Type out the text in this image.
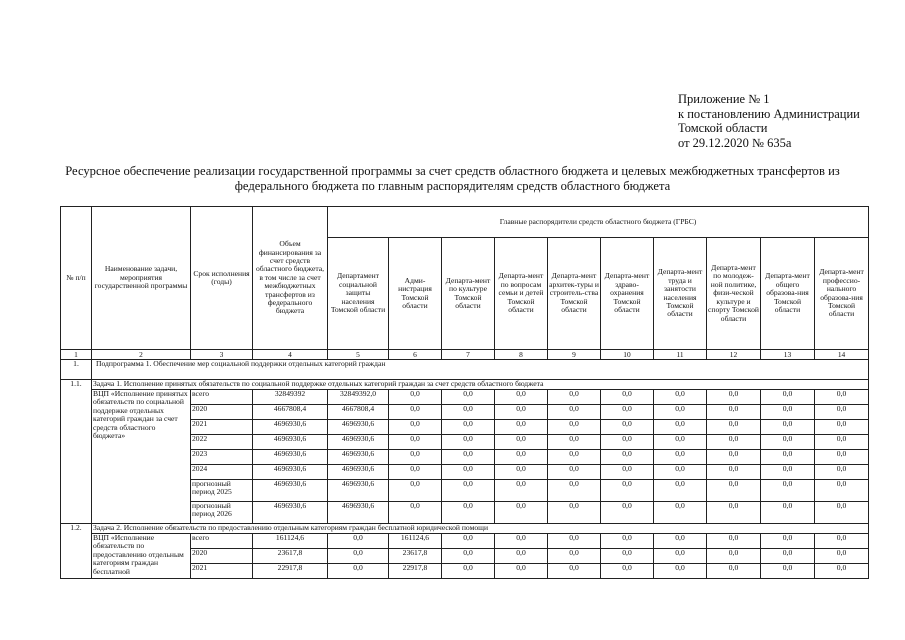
Приложение № 1
к постановлению Администрации
Томской области
от 29.12.2020 № 635а
Ресурсное обеспечение реализации государственной программы за счет средств областного бюджета и целевых межбюджетных трансфертов из федерального бюджета по главным распорядителям средств областного бюджета
№ п/п	Наименование задачи, мероприятия государственной программы	Срок исполнения (годы)	Объем финансирования за счет средств областного бюджета, в том числе за счет межбюджетных трансфертов из федерального бюджета	Главные распорядители средств областного бюджета (ГРБС)									
				Департамент социальной защиты населения Томской области	Адми-нистрация Томской области	Департа-мент по культуре Томской области	Департа-мент по вопросам семьи и детей Томской области	Департа-мент архитек-туры и строитель-ства Томской области	Департа-мент здраво-охранения Томской области	Департа-мент труда и занятости населения Томской области	Департа-мент по молодеж-ной политике, физи-ческой культуре и спорту Томской области	Департа-мент общего образова-ния Томской области	Департа-мент профессио-нального образова-ния Томской области
1	2	3	4	5	6	7	8	9	10	11	12	13	14
1.	Подпрограмма 1. Обеспечение мер социальной поддержки отдельных категорий граждан												
1.1.	Задача 1. Исполнение принятых обязательств по социальной поддержке отдельных категорий граждан за счет средств областного бюджета												
	ВЦП «Исполнение принятых обязательств по социальной поддержке отдельных категорий граждан за счет средств областного бюджета»	всего	32849392	32849392,0	0,0	0,0	0,0	0,0	0,0	0,0	0,0	0,0	0,0
		2020	4667808,4	4667808,4	0,0	0,0	0,0	0,0	0,0	0,0	0,0	0,0	0,0
		2021	4696930,6	4696930,6	0,0	0,0	0,0	0,0	0,0	0,0	0,0	0,0	0,0
		2022	4696930,6	4696930,6	0,0	0,0	0,0	0,0	0,0	0,0	0,0	0,0	0,0
		2023	4696930,6	4696930,6	0,0	0,0	0,0	0,0	0,0	0,0	0,0	0,0	0,0
		2024	4696930,6	4696930,6	0,0	0,0	0,0	0,0	0,0	0,0	0,0	0,0	0,0
		прогнозный период 2025	4696930,6	4696930,6	0,0	0,0	0,0	0,0	0,0	0,0	0,0	0,0	0,0
		прогнозный период 2026	4696930,6	4696930,6	0,0	0,0	0,0	0,0	0,0	0,0	0,0	0,0	0,0
1.2.	Задача 2. Исполнение обязательств по предоставлению отдельным категориям граждан бесплатной юридической помощи												
	ВЦП «Исполнение обязательств по предоставлению отдельным категориям граждан бесплатной	всего	161124,6	0,0	161124,6	0,0	0,0	0,0	0,0	0,0	0,0	0,0	0,0
		2020	23617,8	0,0	23617,8	0,0	0,0	0,0	0,0	0,0	0,0	0,0	0,0
		2021	22917,8	0,0	22917,8	0,0	0,0	0,0	0,0	0,0	0,0	0,0	0,0
